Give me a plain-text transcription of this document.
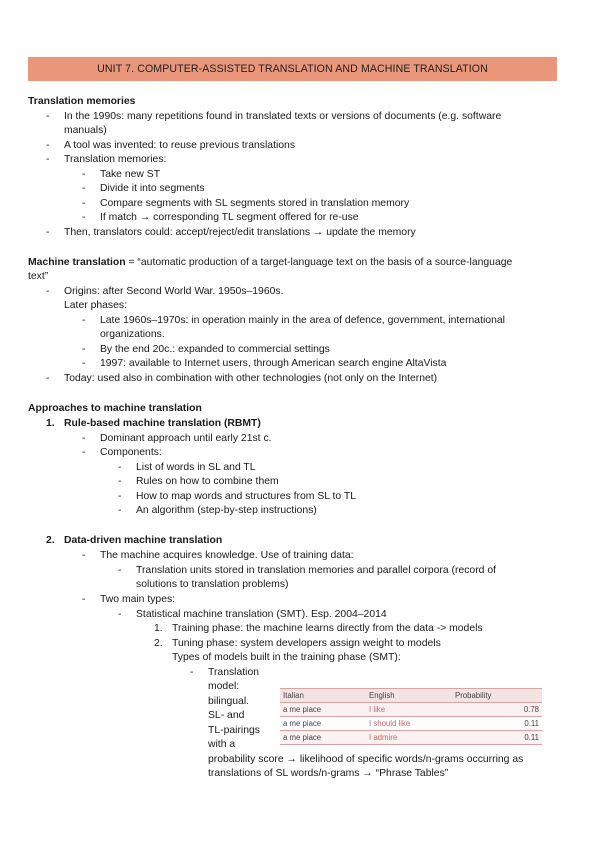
UNIT 7. COMPUTER-ASSISTED TRANSLATION AND MACHINE TRANSLATION
Translation memories
- In the 1990s: many repetitions found in translated texts or versions of documents (e.g. software
manuals)
- A tool was invented: to reuse previous translations
- Translation memories:
- Take new ST
- Divide it into segments
- Compare segments with SL segments stored in translation memory
- If match → corresponding TL segment offered for re-use
- Then, translators could: accept/reject/edit translations → update the memory
Machine translation = “automatic production of a target-language text on the basis of a source-language
text”
- Origins: after Second World War. 1950s–1960s.
Later phases:
- Late 1960s–1970s: in operation mainly in the area of defence, government, international
organizations.
- By the end 20c.: expanded to commercial settings
- 1997: available to Internet users, through American search engine AltaVista
- Today: used also in combination with other technologies (not only on the Internet)
Approaches to machine translation
1. Rule-based machine translation (RBMT)
- Dominant approach until early 21st c.
- Components:
- List of words in SL and TL
- Rules on how to combine them
- How to map words and structures from SL to TL
- An algorithm (step-by-step instructions)
2. Data-driven machine translation
- The machine acquires knowledge. Use of training data:
- Translation units stored in translation memories and parallel corpora (record of
solutions to translation problems)
- Two main types:
- Statistical machine translation (SMT). Esp. 2004–2014
1. Training phase: the machine learns directly from the data -> models
2. Tuning phase: system developers assign weight to models
Types of models built in the training phase (SMT):
- Translation
model:
bilingual.
SL- and
TL-pairings
with a
probability score → likelihood of specific words/n-grams occurring as
translations of SL words/n-grams → “Phrase Tables”
Italian	English	Probability
a me piace	I like	0.78
a me piace	I should like	0.11
a me piace	I admire	0.11
